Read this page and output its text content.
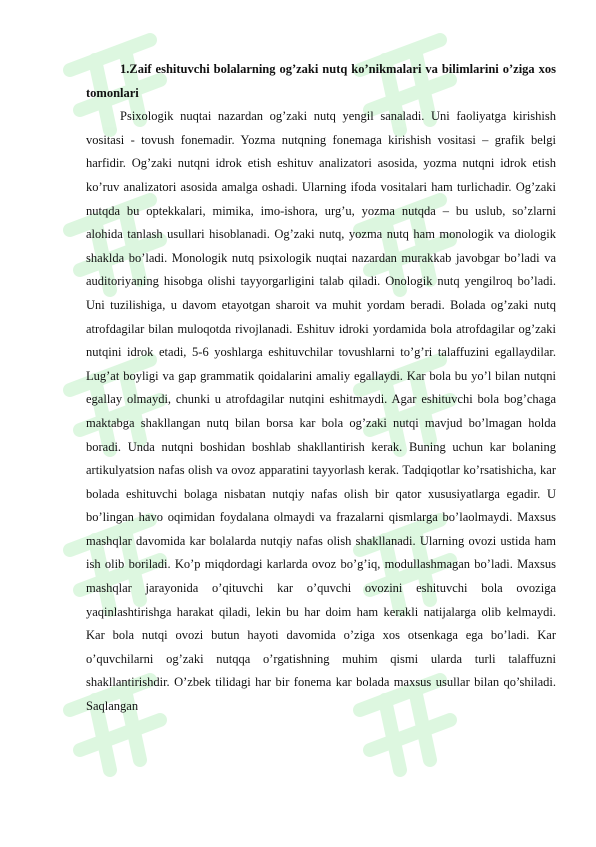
1.Zaif eshituvchi bolalarning og’zaki nutq ko’nikmalari va bilimlarini o’ziga xos tomonlari

Psixologik nuqtai nazardan og’zaki nutq yengil sanaladi. Uni faoliyatga kirishish vositasi - tovush fonemadir. Yozma nutqning fonemaga kirishish vositasi – grafik belgi harfidir. Og’zaki nutqni idrok etish eshituv analizatori asosida, yozma nutqni idrok etish ko’ruv analizatori asosida amalga oshadi. Ularning ifoda vositalari ham turlichadir. Og’zaki nutqda bu optekkalari, mimika, imo-ishora, urg’u, yozma nutqda – bu uslub, so’zlarni alohida tanlash usullari hisoblanadi. Og’zaki nutq, yozma nutq ham monologik va diologik shaklda bo’ladi. Monologik nutq psixologik nuqtai nazardan murakkab javobgar bo’ladi va auditoriyaning hisobga olishi tayyorgarligini talab qiladi. Onologik nutq yengilroq bo’ladi. Uni tuzilishiga, u davom etayotgan sharoit va muhit yordam beradi. Bolada og’zaki nutq atrofdagilar bilan muloqotda rivojlanadi. Eshituv idroki yordamida bola atrofdagilar og’zaki nutqini idrok etadi, 5-6 yoshlarga eshituvchilar tovushlarni to’g’ri talaffuzini egallaydilar. Lug’at boyligi va gap grammatik qoidalarini amaliy egallaydi. Kar bola bu yo’l bilan nutqni egallay olmaydi, chunki u atrofdagilar nutqini eshitmaydi. Agar eshituvchi bola bog’chaga maktabga shakllangan nutq bilan borsa kar bola og’zaki nutqi mavjud bo’lmagan holda boradi. Unda nutqni boshidan boshlab shakllantirish kerak. Buning uchun kar bolaning artikulyatsion nafas olish va ovoz apparatini tayyorlash kerak. Tadqiqotlar ko’rsatishicha, kar bolada eshituvchi bolaga nisbatan nutqiy nafas olish bir qator xususiyatlarga egadir. U bo’lingan havo oqimidan foydalana olmaydi va frazalarni qismlarga bo’laolmaydi. Maxsus mashqlar davomida kar bolalarda nutqiy nafas olish shakllanadi. Ularning ovozi ustida ham ish olib boriladi. Ko’p miqdordagi karlarda ovoz bo’g’iq, modullashmagan bo’ladi. Maxsus mashqlar jarayonida o’qituvchi kar o’quvchi ovozini eshituvchi bola ovoziga yaqinlashtirishga harakat qiladi, lekin bu har doim ham kerakli natijalarga olib kelmaydi. Kar bola nutqi ovozi butun hayoti davomida o’ziga xos otsenkaga ega bo’ladi. Kar o’quvchilarni og’zaki nutqqa o’rgatishning muhim qismi ularda turli talaffuzni shakllantirishdir. O’zbek tilidagi har bir fonema kar bolada maxsus usullar bilan qo’shiladi. Saqlangan
